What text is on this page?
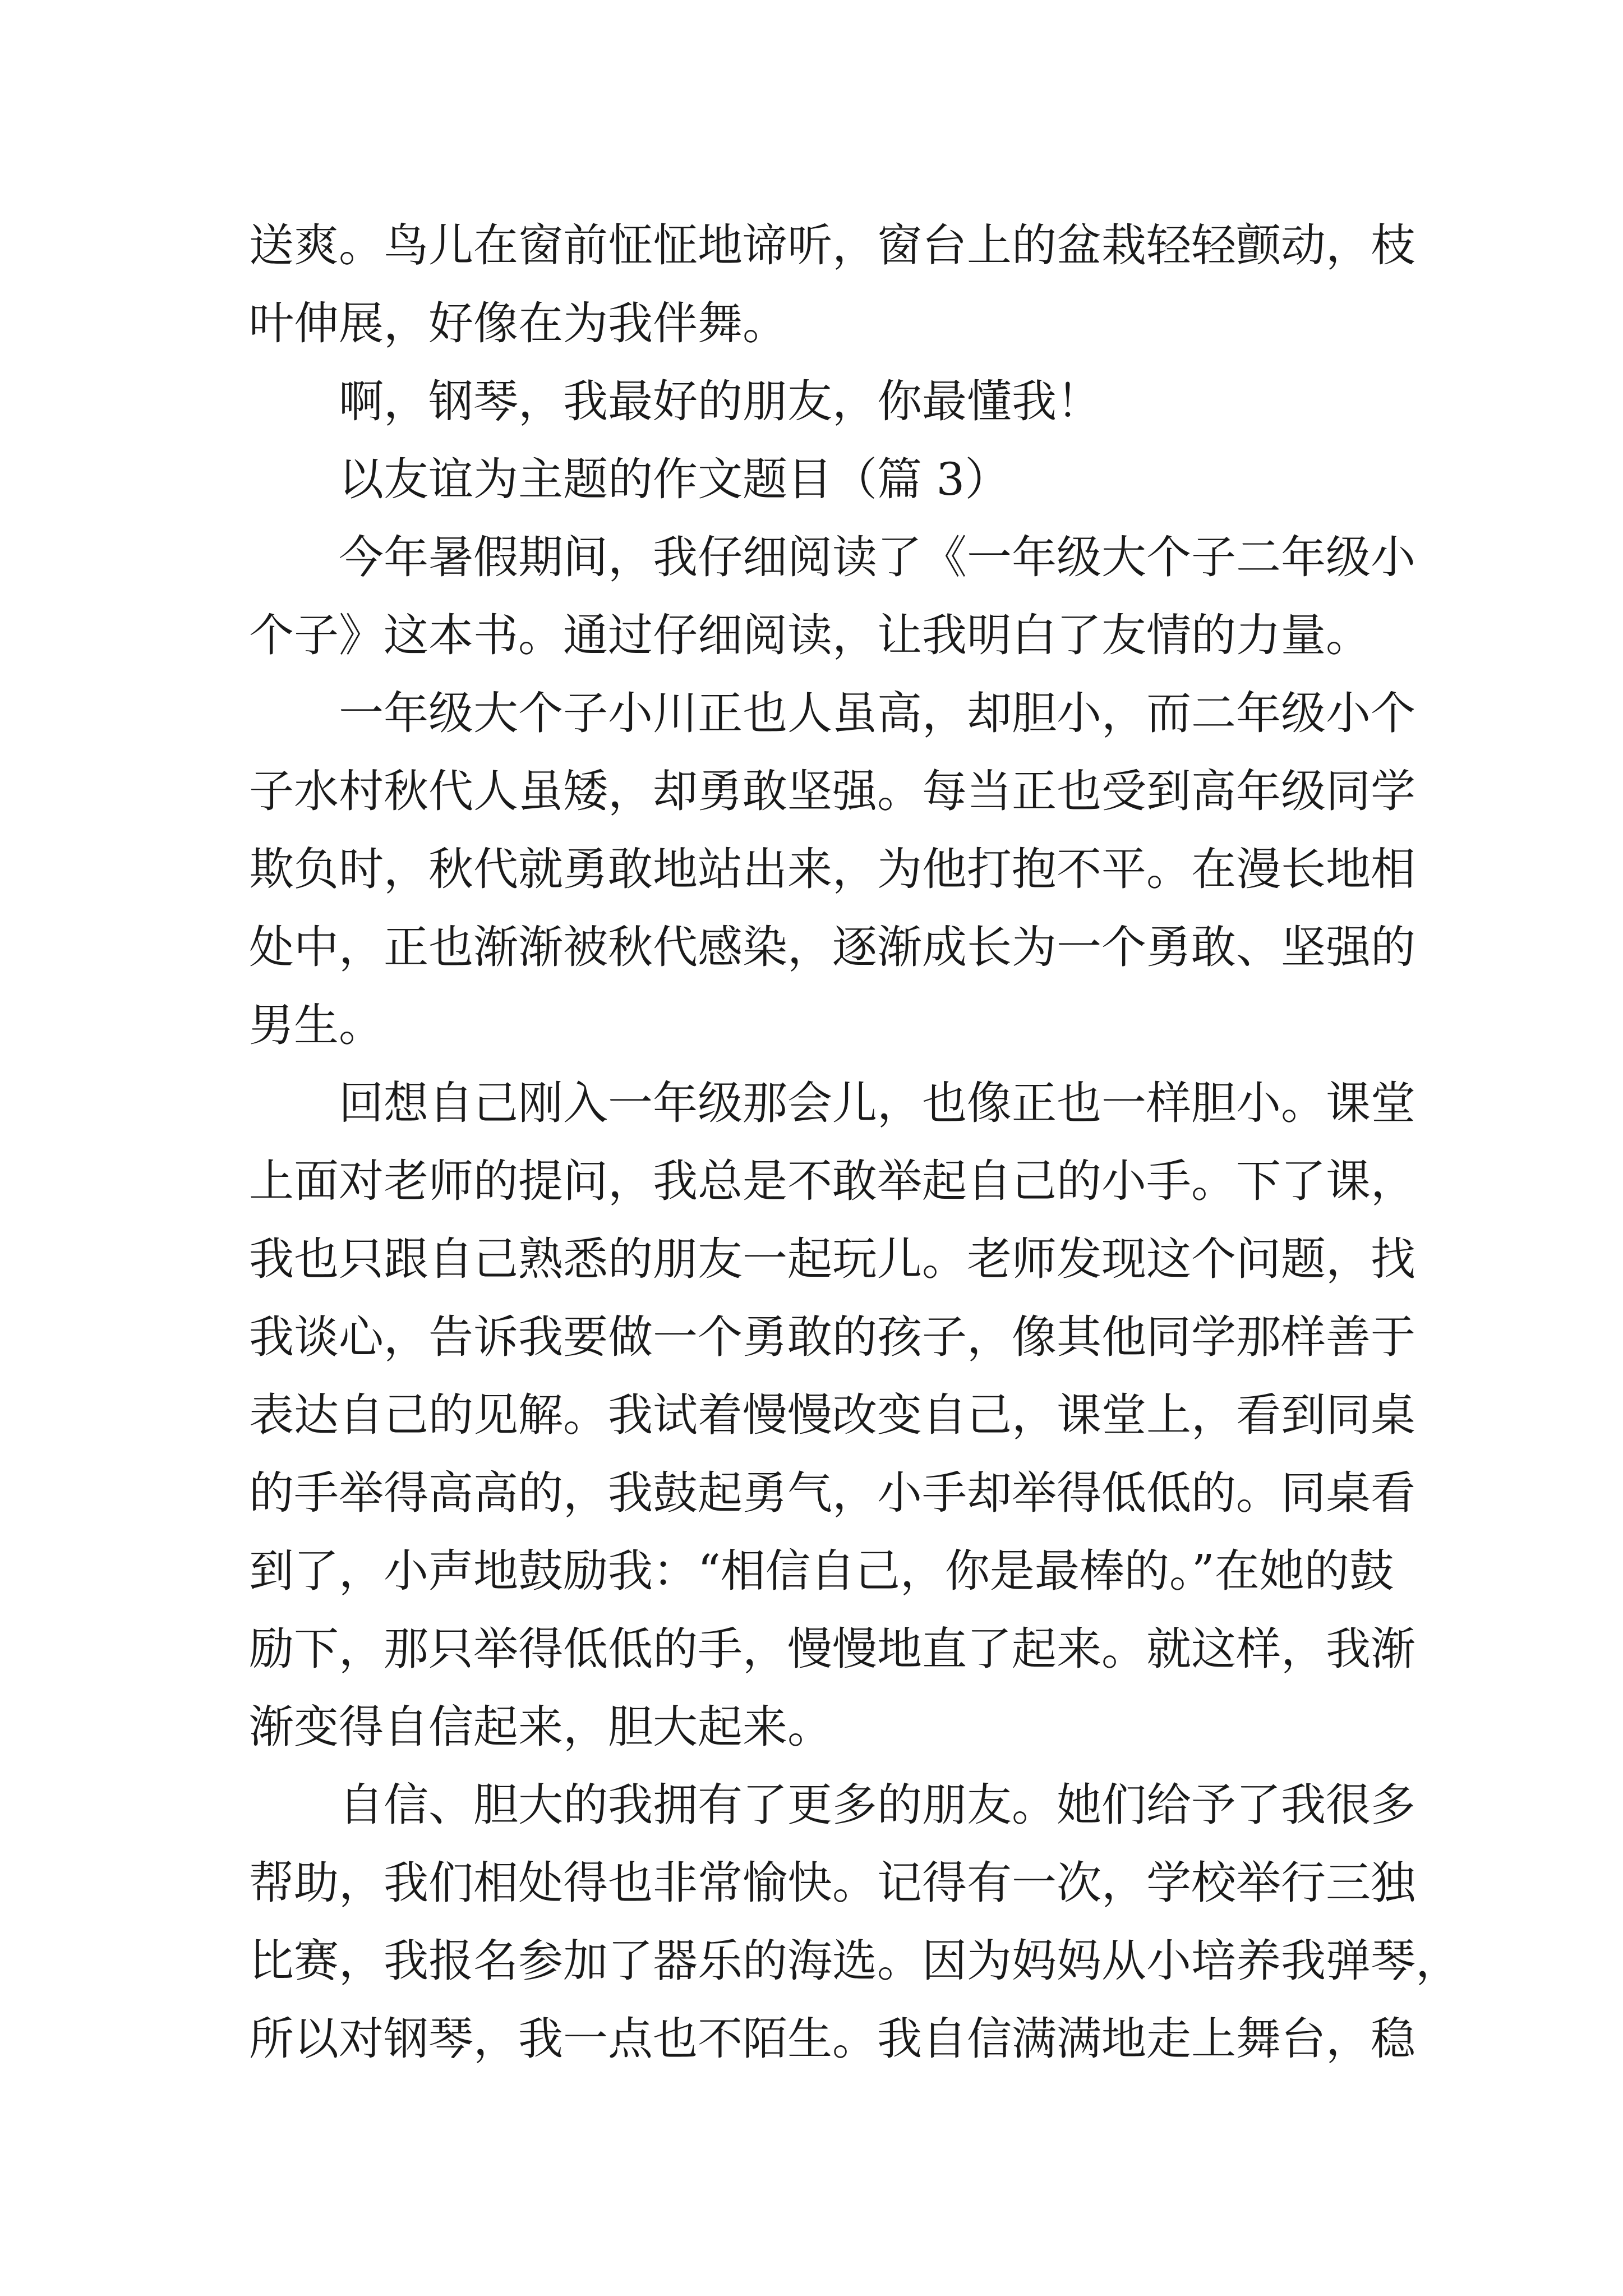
送爽。鸟儿在窗前怔怔地谛听，窗台上的盆栽轻轻颤动，枝
叶伸展，好像在为我伴舞。
啊，钢琴，我最好的朋友，你最懂我！
以友谊为主题的作文题目（篇 3）
今年暑假期间，我仔细阅读了《一年级大个子二年级小
个子》这本书。通过仔细阅读，让我明白了友情的力量。
一年级大个子小川正也人虽高，却胆小，而二年级小个
子水村秋代人虽矮，却勇敢坚强。每当正也受到高年级同学
欺负时，秋代就勇敢地站出来，为他打抱不平。在漫长地相
处中，正也渐渐被秋代感染，逐渐成长为一个勇敢、坚强的
男生。
回想自己刚入一年级那会儿，也像正也一样胆小。课堂
上面对老师的提问，我总是不敢举起自己的小手。下了课，
我也只跟自己熟悉的朋友一起玩儿。老师发现这个问题，找
我谈心，告诉我要做一个勇敢的孩子，像其他同学那样善于
表达自己的见解。我试着慢慢改变自己，课堂上，看到同桌
的手举得高高的，我鼓起勇气，小手却举得低低的。同桌看
到了，小声地鼓励我：“相信自己，你是最棒的。”在她的鼓
励下，那只举得低低的手，慢慢地直了起来。就这样，我渐
渐变得自信起来，胆大起来。
自信、胆大的我拥有了更多的朋友。她们给予了我很多
帮助，我们相处得也非常愉快。记得有一次，学校举行三独
比赛，我报名参加了器乐的海选。因为妈妈从小培养我弹琴，
所以对钢琴，我一点也不陌生。我自信满满地走上舞台，稳
